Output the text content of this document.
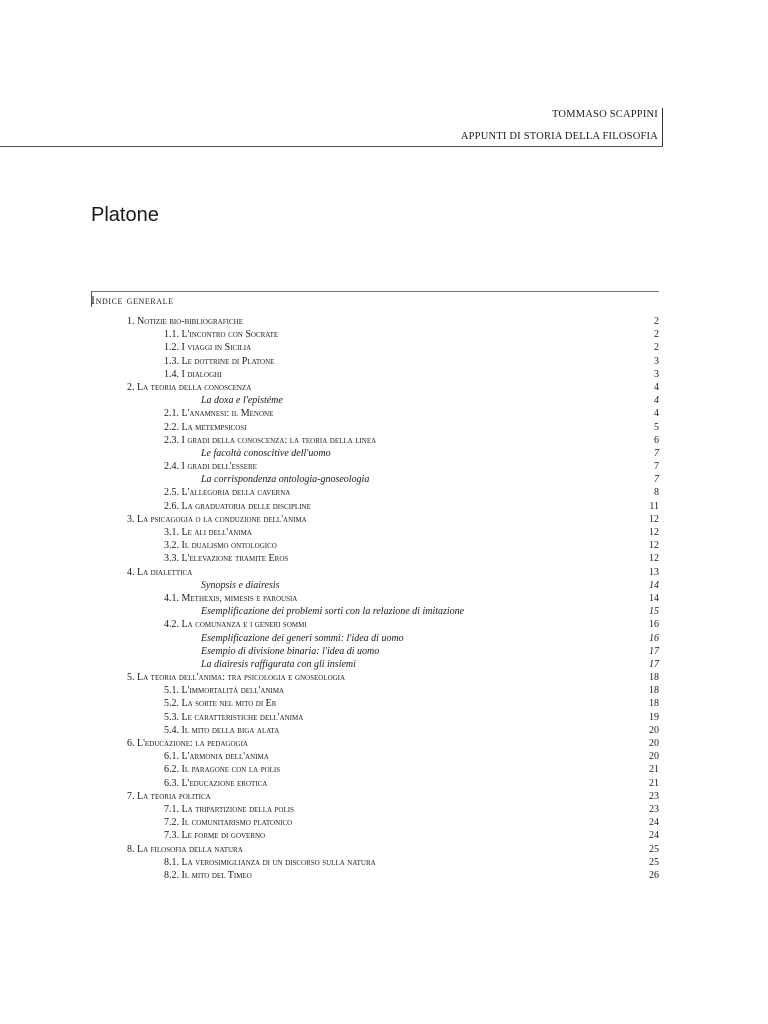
TOMMASO SCAPPINI
APPUNTI DI STORIA DELLA FILOSOFIA
Platone
Indice generale
1. Notizie bio-bibliografiche	2
1.1. L'incontro con Socrate	2
1.2. I viaggi in Sicilia	2
1.3. Le dottrine di Platone	3
1.4. I dialoghi	3
2. La teoria della conoscenza	4
La doxa e l'epistéme	4
2.1. L'anamnesi: il Menone	4
2.2. La metempsicosi	5
2.3. I gradi della conoscenza: la teoria della linea	6
Le facoltà conoscitive dell'uomo	7
2.4. I gradi dell'essere	7
La corrispondenza ontologia-gnoseologia	7
2.5. L'allegoria della caverna	8
2.6. La graduatoria delle discipline	11
3. La psicagogia o la conduzione dell'anima	12
3.1. Le ali dell'anima	12
3.2. Il dualismo ontologico	12
3.3. L'elevazione tramite Eros	12
4. La dialettica	13
Synopsis e diairesis	14
4.1. Methexis, mimesis e parousia	14
Esemplificazione dei problemi sorti con la relazione di imitazione	15
4.2. La comunanza e i generi sommi	16
Esemplificazione dei generi sommi: l'idea di uomo	16
Esempio di divisione binaria: l'idea di uomo	17
La diairesis raffigurata con gli insiemi	17
5. La teoria dell'anima: tra psicologia e gnoseologia	18
5.1. L'immortalità dell'anima	18
5.2. La sorte nel mito di Er	18
5.3. Le caratteristiche dell'anima	19
5.4. Il mito della biga alata	20
6. L'educazione: la pedagogia	20
6.1. L'armonia dell'anima	20
6.2. Il paragone con la polis	21
6.3. L'educazione erotica	21
7. La teoria politica	23
7.1. La tripartizione della polis	23
7.2. Il comunitarismo platonico	24
7.3. Le forme di governo	24
8. La filosofia della natura	25
8.1. La verosimiglianza di un discorso sulla natura	25
8.2. Il mito del Timeo	26
